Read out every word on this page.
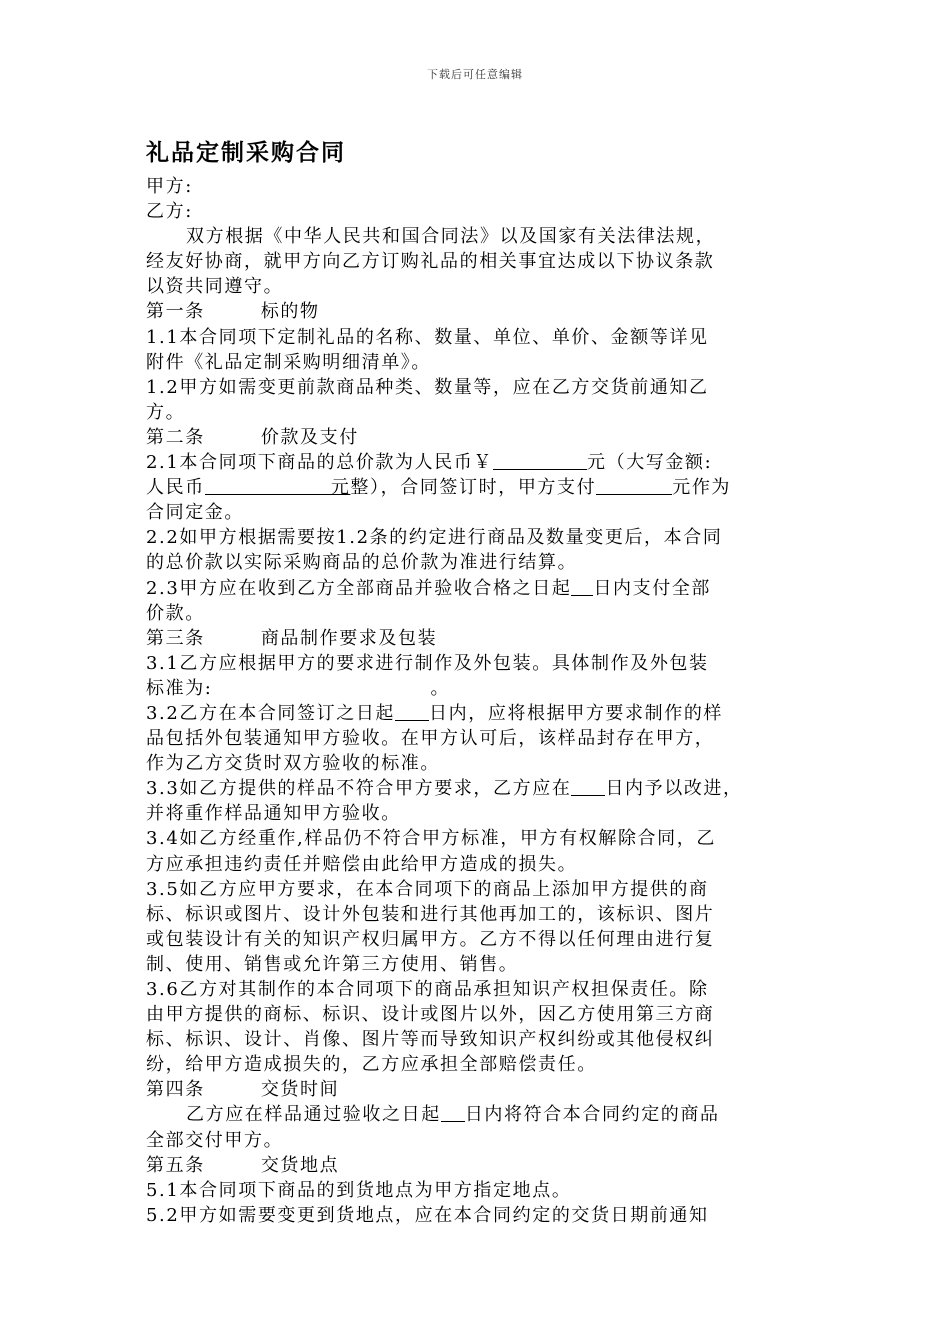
下载后可任意编辑
礼品定制采购合同
甲方:
乙方:
双方根据《中华人民共和国合同法》以及国家有关法律法规，
经友好协商，就甲方向乙方订购礼品的相关事宜达成以下协议条款
以资共同遵守。
第一条	标的物
1.1本合同项下定制礼品的名称、数量、单位、单价、金额等详见
附件《礼品定制采购明细清单》。
1.2甲方如需变更前款商品种类、数量等，应在乙方交货前通知乙
方。
第二条	价款及支付
2.1本合同项下商品的总价款为人民币￥	元（大写金额:
人民币	元整），合同签订时，甲方支付	元作为
合同定金。
2.2如甲方根据需要按1.2条的约定进行商品及数量变更后，本合同
的总价款以实际采购商品的总价款为准进行结算。
2.3甲方应在收到乙方全部商品并验收合格之日起 日内支付全部
价款。
第三条	商品制作要求及包装
3.1乙方应根据甲方的要求进行制作及外包装。具体制作及外包装
标准为:	。
3.2乙方在本合同签订之日起 日内，应将根据甲方要求制作的样
品包括外包装通知甲方验收。在甲方认可后，该样品封存在甲方，
作为乙方交货时双方验收的标准。
3.3如乙方提供的样品不符合甲方要求，乙方应在 日内予以改进，
并将重作样品通知甲方验收。
3.4如乙方经重作,样品仍不符合甲方标准，甲方有权解除合同，乙
方应承担违约责任并赔偿由此给甲方造成的损失。
3.5如乙方应甲方要求，在本合同项下的商品上添加甲方提供的商
标、标识或图片、设计外包装和进行其他再加工的，该标识、图片
或包装设计有关的知识产权归属甲方。乙方不得以任何理由进行复
制、使用、销售或允许第三方使用、销售。
3.6乙方对其制作的本合同项下的商品承担知识产权担保责任。除
由甲方提供的商标、标识、设计或图片以外，因乙方使用第三方商
标、标识、设计、肖像、图片等而导致知识产权纠纷或其他侵权纠
纷，给甲方造成损失的，乙方应承担全部赔偿责任。
第四条	交货时间
乙方应在样品通过验收之日起 日内将符合本合同约定的商品
全部交付甲方。
第五条	交货地点
5.1本合同项下商品的到货地点为甲方指定地点。
5.2甲方如需要变更到货地点，应在本合同约定的交货日期前通知
